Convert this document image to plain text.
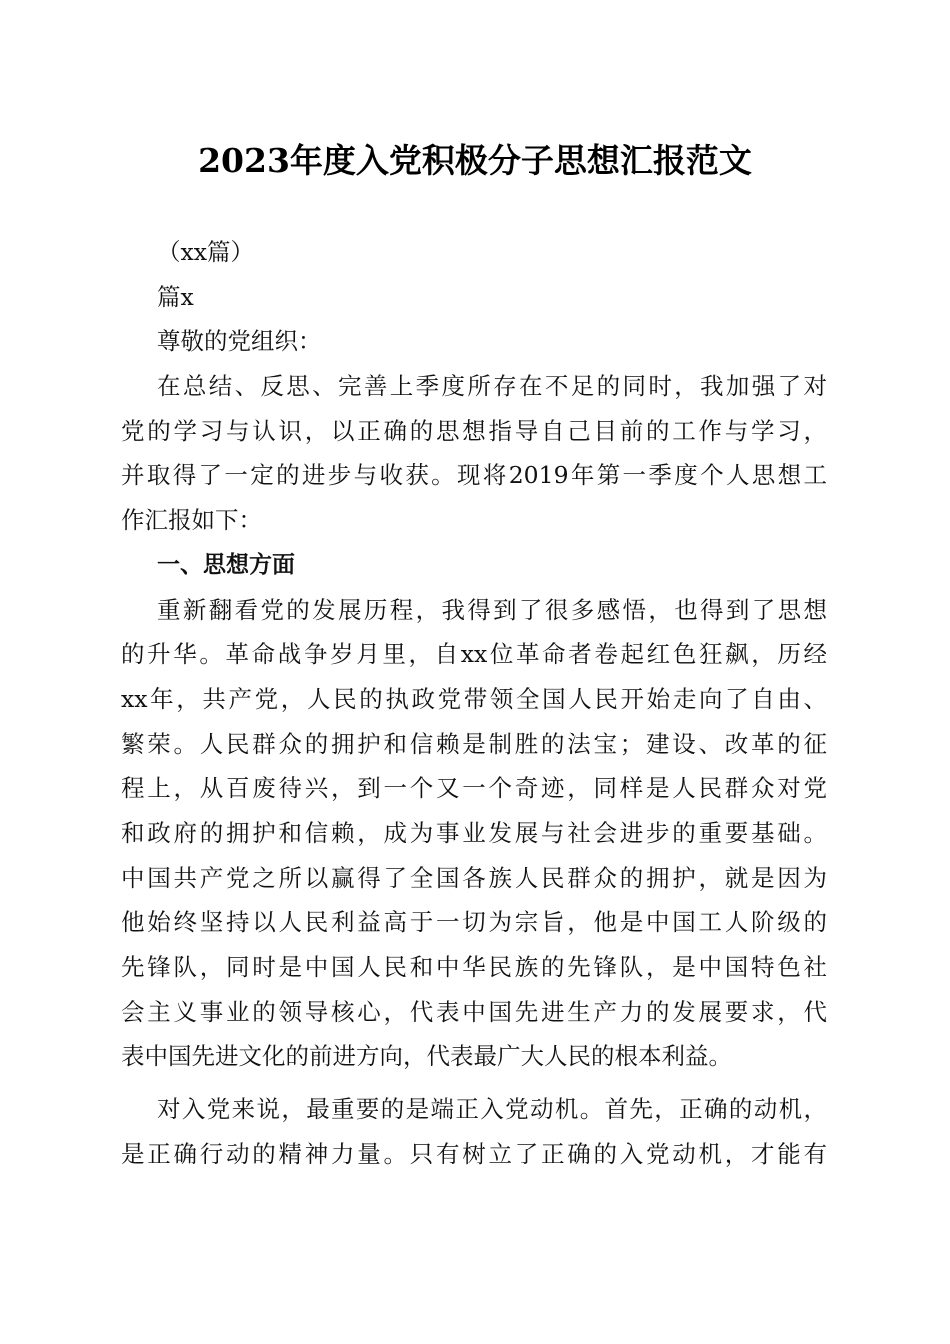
2023年度入党积极分子思想汇报范文
（xx篇）
篇x
尊敬的党组织：
在总结、反思、完善上季度所存在不足的同时，我加强了对
党的学习与认识，以正确的思想指导自己目前的工作与学习，
并取得了一定的进步与收获。现将2019年第一季度个人思想工
作汇报如下：
一、思想方面
重新翻看党的发展历程，我得到了很多感悟，也得到了思想
的升华。革命战争岁月里，自xx位革命者卷起红色狂飙，历经
xx年，共产党，人民的执政党带领全国人民开始走向了自由、
繁荣。人民群众的拥护和信赖是制胜的法宝；建设、改革的征
程上，从百废待兴，到一个又一个奇迹，同样是人民群众对党
和政府的拥护和信赖，成为事业发展与社会进步的重要基础。
中国共产党之所以赢得了全国各族人民群众的拥护，就是因为
他始终坚持以人民利益高于一切为宗旨，他是中国工人阶级的
先锋队，同时是中国人民和中华民族的先锋队，是中国特色社
会主义事业的领导核心，代表中国先进生产力的发展要求，代
表中国先进文化的前进方向，代表最广大人民的根本利益。
对入党来说，最重要的是端正入党动机。首先，正确的动机，
是正确行动的精神力量。只有树立了正确的入党动机，才能有
